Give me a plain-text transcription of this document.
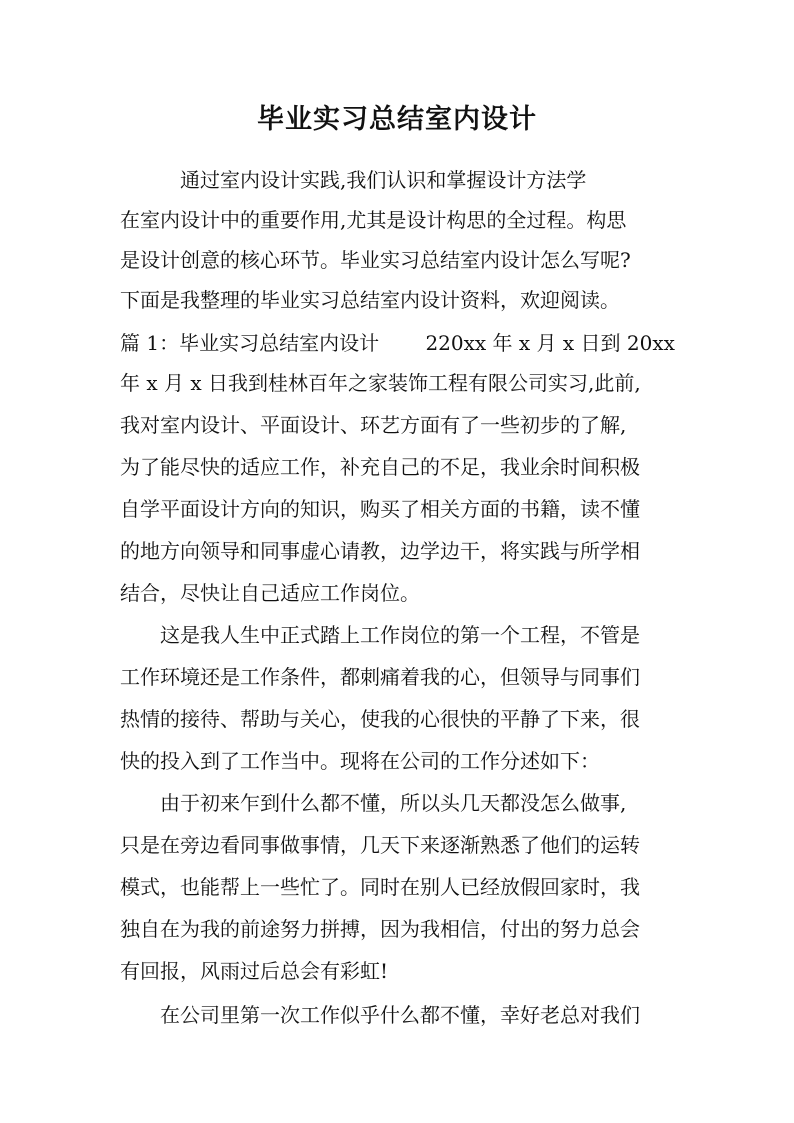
毕业实习总结室内设计

　　　通过室内设计实践,我们认识和掌握设计方法学

在室内设计中的重要作用,尤其是设计构思的全过程。构思

是设计创意的核心环节。毕业实习总结室内设计怎么写呢?

下面是我整理的毕业实习总结室内设计资料，欢迎阅读。

篇 1：毕业实习总结室内设计　　 220xx 年 x 月 x 日到 20xx

年 x 月 x 日我到桂林百年之家装饰工程有限公司实习,此前,

我对室内设计、平面设计、环艺方面有了一些初步的了解,

为了能尽快的适应工作，补充自己的不足，我业余时间积极

自学平面设计方向的知识，购买了相关方面的书籍，读不懂

的地方向领导和同事虚心请教，边学边干，将实践与所学相

结合，尽快让自己适应工作岗位。

　　这是我人生中正式踏上工作岗位的第一个工程，不管是

工作环境还是工作条件，都刺痛着我的心，但领导与同事们

热情的接待、帮助与关心，使我的心很快的平静了下来，很

快的投入到了工作当中。现将在公司的工作分述如下：

　　由于初来乍到什么都不懂，所以头几天都没怎么做事,

只是在旁边看同事做事情，几天下来逐渐熟悉了他们的运转

模式，也能帮上一些忙了。同时在别人已经放假回家时，我

独自在为我的前途努力拼搏，因为我相信，付出的努力总会

有回报，风雨过后总会有彩虹!

　　在公司里第一次工作似乎什么都不懂，幸好老总对我们
